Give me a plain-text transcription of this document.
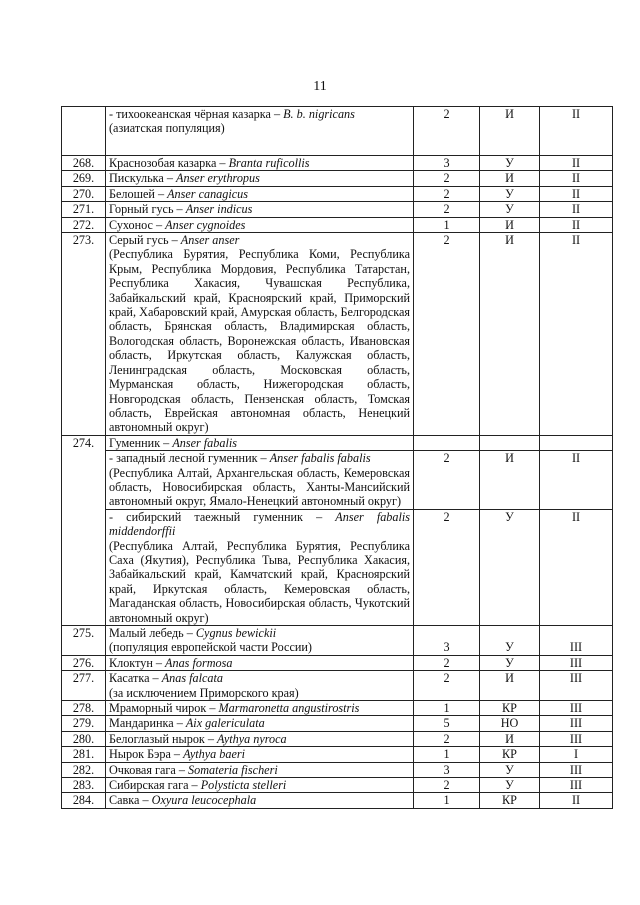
11
	- тихоокеанская чёрная казарка – B. b. nigricans
(азиатская популяция)	2	И	II
268.	Краснозобая казарка – Branta ruficollis	3	У	II
269.	Пискулька – Anser erythropus	2	И	II
270.	Белошей – Anser canagicus	2	У	II
271.	Горный гусь – Anser indicus	2	У	II
272.	Сухонос – Anser cygnoides	1	И	II
273.	Серый гусь – Anser anser
(Республика Бурятия, Республика Коми, Республика Крым, Республика Мордовия, Республика Татарстан, Республика Хакасия, Чувашская Республика, Забайкальский край, Красноярский край, Приморский край, Хабаровский край, Амурская область, Белгородская область, Брянская область, Владимирская область, Вологодская область, Воронежская область, Ивановская область, Иркутская область, Калужская область, Ленинградская область, Московская область, Мурманская область, Нижегородская область, Новгородская область, Пензенская область, Томская область, Еврейская автономная область, Ненецкий автономный округ)	2	И	II
274.	Гуменник – Anser fabalis			
	- западный лесной гуменник – Anser fabalis fabalis
(Республика Алтай, Архангельская область, Кемеровская область, Новосибирская область, Ханты-Мансийский автономный округ, Ямало-Ненецкий автономный округ)	2	И	II
	- сибирский таежный гуменник – Anser fabalis middendorffii
(Республика Алтай, Республика Бурятия, Республика Саха (Якутия), Республика Тыва, Республика Хакасия, Забайкальский край, Камчатский край, Красноярский край, Иркутская область, Кемеровская область, Магаданская область, Новосибирская область, Чукотский автономный округ)	2	У	II
275.	Малый лебедь – Cygnus bewickii
(популяция европейской части России)	3	У	III
276.	Клоктун – Anas formosa	2	У	III
277.	Касатка – Anas falcata
(за исключением Приморского края)	2	И	III
278.	Мраморный чирок – Marmaronetta angustirostris	1	КР	III
279.	Мандаринка – Aix galericulata	5	НО	III
280.	Белоглазый нырок – Aythya nyroca	2	И	III
281.	Нырок Бэра – Aythya baeri	1	КР	I
282.	Очковая гага – Somateria fischeri	3	У	III
283.	Сибирская гага – Polysticta stelleri	2	У	III
284.	Савка – Oxyura leucocephala	1	КР	II
